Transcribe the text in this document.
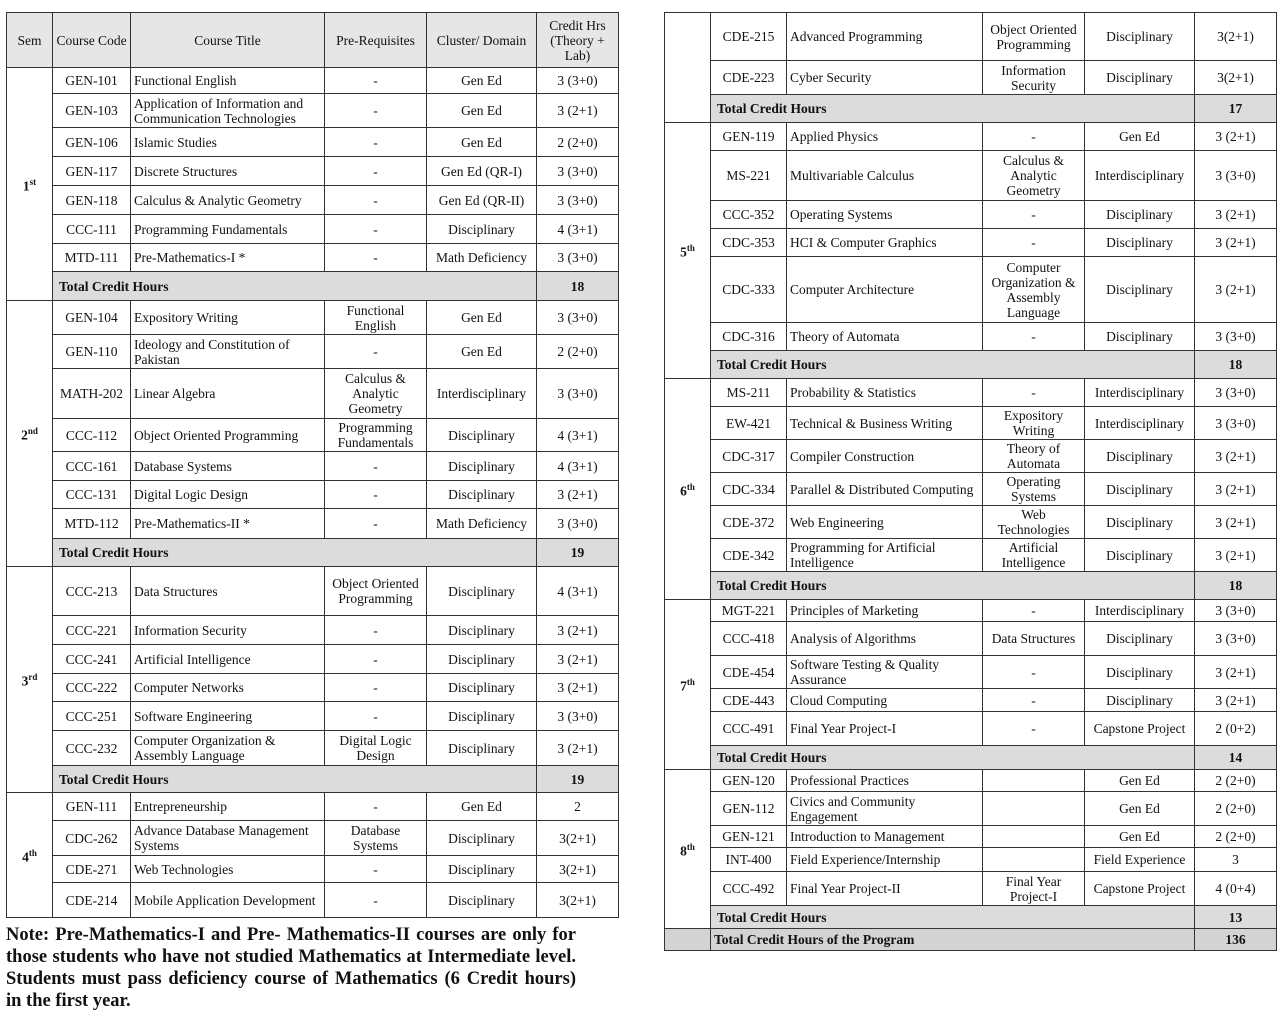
Sem	Course Code	Course Title	Pre-Requisites	Cluster/ Domain	Credit Hrs (Theory + Lab)
1st	GEN-101	Functional English	-	Gen Ed	3 (3+0)
	GEN-103	Application of Information and Communication Technologies	-	Gen Ed	3 (2+1)
	GEN-106	Islamic Studies	-	Gen Ed	2 (2+0)
	GEN-117	Discrete Structures	-	Gen Ed (QR-I)	3 (3+0)
	GEN-118	Calculus & Analytic Geometry	-	Gen Ed (QR-II)	3 (3+0)
	CCC-111	Programming Fundamentals	-	Disciplinary	4 (3+1)
	MTD-111	Pre-Mathematics-I *	-	Math Deficiency	3 (3+0)
	Total Credit Hours				18
2nd	GEN-104	Expository Writing	Functional English	Gen Ed	3 (3+0)
	GEN-110	Ideology and Constitution of Pakistan	-	Gen Ed	2 (2+0)
	MATH-202	Linear Algebra	Calculus & Analytic Geometry	Interdisciplinary	3 (3+0)
	CCC-112	Object Oriented Programming	Programming Fundamentals	Disciplinary	4 (3+1)
	CCC-161	Database Systems	-	Disciplinary	4 (3+1)
	CCC-131	Digital Logic Design	-	Disciplinary	3 (2+1)
	MTD-112	Pre-Mathematics-II *	-	Math Deficiency	3 (3+0)
	Total Credit Hours				19
3rd	CCC-213	Data Structures	Object Oriented Programming	Disciplinary	4 (3+1)
	CCC-221	Information Security	-	Disciplinary	3 (2+1)
	CCC-241	Artificial Intelligence	-	Disciplinary	3 (2+1)
	CCC-222	Computer Networks	-	Disciplinary	3 (2+1)
	CCC-251	Software Engineering	-	Disciplinary	3 (3+0)
	CCC-232	Computer Organization & Assembly Language	Digital Logic Design	Disciplinary	3 (2+1)
	Total Credit Hours				19
4th	GEN-111	Entrepreneurship	-	Gen Ed	2
	CDC-262	Advance Database Management Systems	Database Systems	Disciplinary	3(2+1)
	CDE-271	Web Technologies	-	Disciplinary	3(2+1)
	CDE-214	Mobile Application Development	-	Disciplinary	3(2+1)
Note: Pre-Mathematics-I and Pre- Mathematics-II courses are only for those students who have not studied Mathematics at Intermediate level. Students must pass deficiency course of Mathematics (6 Credit hours) in the first year.
	CDE-215	Advanced Programming	Object Oriented Programming	Disciplinary	3(2+1)
	CDE-223	Cyber Security	Information Security	Disciplinary	3(2+1)
	Total Credit Hours				17
5th	GEN-119	Applied Physics	-	Gen Ed	3 (2+1)
	MS-221	Multivariable Calculus	Calculus & Analytic Geometry	Interdisciplinary	3 (3+0)
	CCC-352	Operating Systems	-	Disciplinary	3 (2+1)
	CDC-353	HCI & Computer Graphics	-	Disciplinary	3 (2+1)
	CDC-333	Computer Architecture	Computer Organization & Assembly Language	Disciplinary	3 (2+1)
	CDC-316	Theory of Automata	-	Disciplinary	3 (3+0)
	Total Credit Hours				18
6th	MS-211	Probability & Statistics	-	Interdisciplinary	3 (3+0)
	EW-421	Technical & Business Writing	Expository Writing	Interdisciplinary	3 (3+0)
	CDC-317	Compiler Construction	Theory of Automata	Disciplinary	3 (2+1)
	CDC-334	Parallel & Distributed Computing	Operating Systems	Disciplinary	3 (2+1)
	CDE-372	Web Engineering	Web Technologies	Disciplinary	3 (2+1)
	CDE-342	Programming for Artificial Intelligence	Artificial Intelligence	Disciplinary	3 (2+1)
	Total Credit Hours				18
7th	MGT-221	Principles of Marketing	-	Interdisciplinary	3 (3+0)
	CCC-418	Analysis of Algorithms	Data Structures	Disciplinary	3 (3+0)
	CDE-454	Software Testing & Quality Assurance	-	Disciplinary	3 (2+1)
	CDE-443	Cloud Computing	-	Disciplinary	3 (2+1)
	CCC-491	Final Year Project-I	-	Capstone Project	2 (0+2)
	Total Credit Hours				14
8th	GEN-120	Professional Practices		Gen Ed	2 (2+0)
	GEN-112	Civics and Community Engagement		Gen Ed	2 (2+0)
	GEN-121	Introduction to Management		Gen Ed	2 (2+0)
	INT-400	Field Experience/Internship		Field Experience	3
	CCC-492	Final Year Project-II	Final Year Project-I	Capstone Project	4 (0+4)
	Total Credit Hours				13
	Total Credit Hours of the Program				136
